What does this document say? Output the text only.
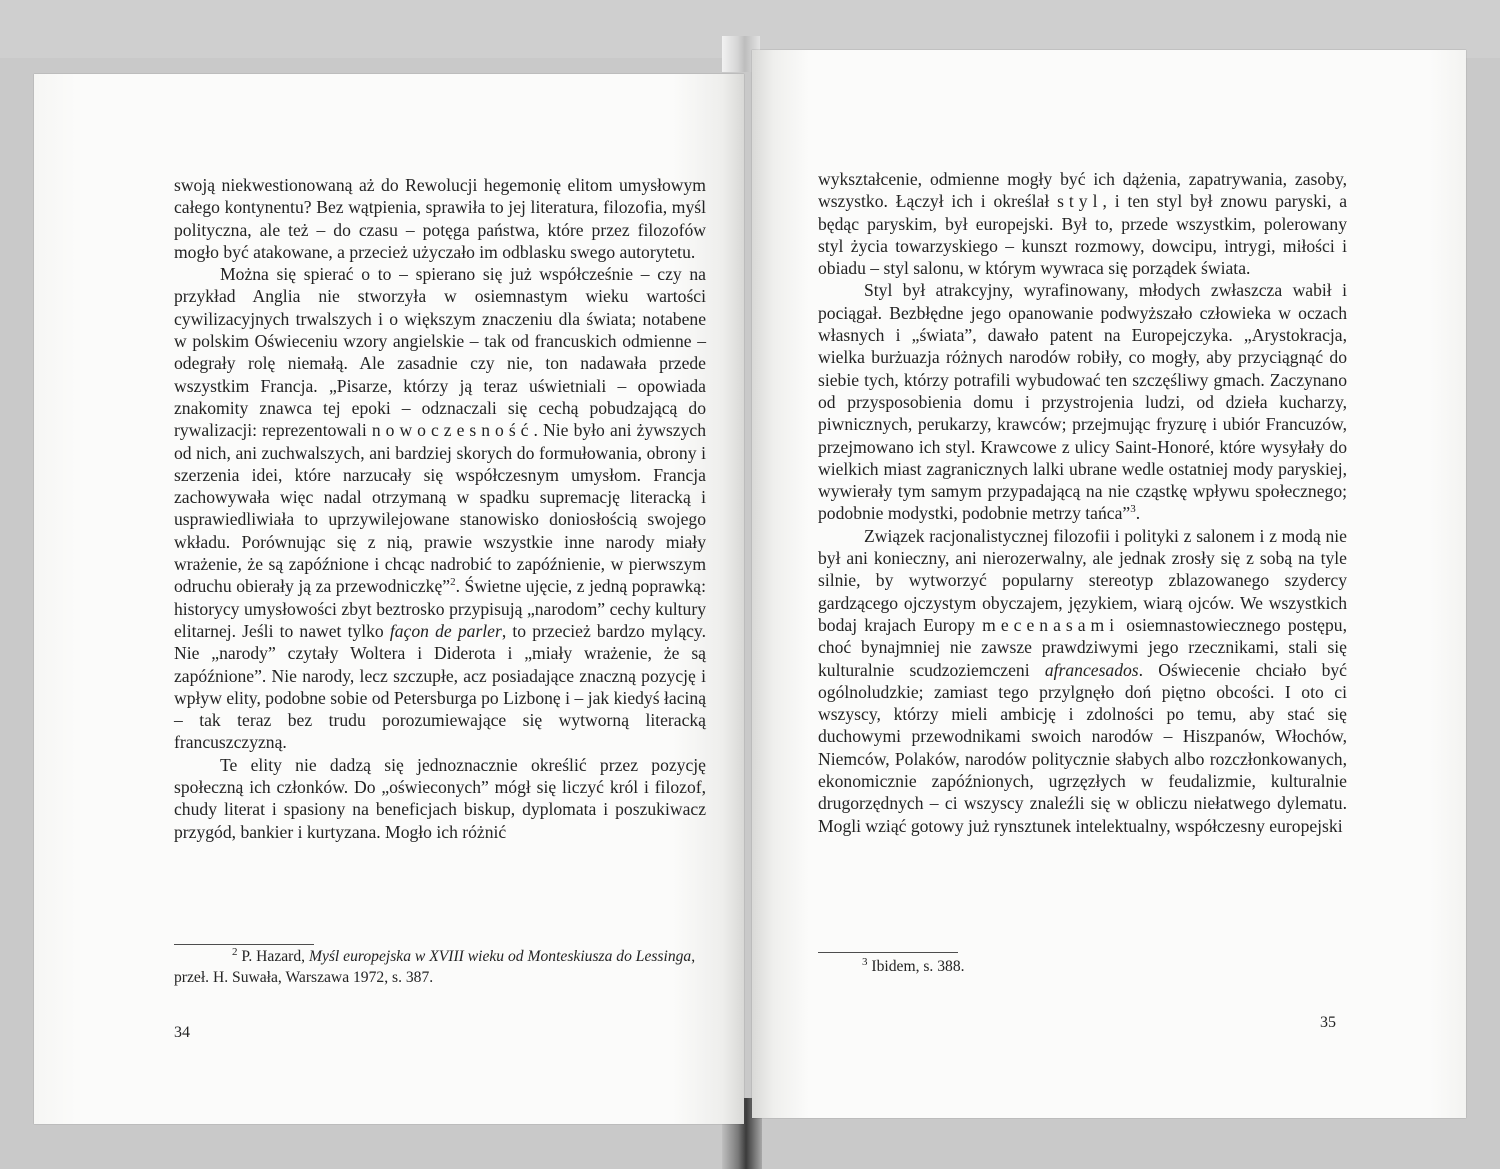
swoją niekwestionowaną aż do Rewolucji hegemonię elitom umysłowym całego kontynentu? Bez wątpienia, sprawiła to jej literatura, filozofia, myśl polityczna, ale też – do czasu – potęga państwa, które przez filozofów mogło być atakowane, a przecież użyczało im odblasku swego autorytetu.

Można się spierać o to – spierano się już współcześnie – czy na przykład Anglia nie stworzyła w osiemnastym wieku wartości cywilizacyjnych trwalszych i o większym znaczeniu dla świata; notabene w polskim Oświeceniu wzory angielskie – tak od francuskich odmienne – odegrały rolę niemałą. Ale zasadnie czy nie, ton nadawała przede wszystkim Francja. „Pisarze, którzy ją teraz uświetniali – opowiada znakomity znawca tej epoki – odznaczali się cechą pobudzającą do rywalizacji: reprezentowali nowoczesność. Nie było ani żywszych od nich, ani zuchwalszych, ani bardziej skorych do formułowania, obrony i szerzenia idei, które narzucały się współczesnym umysłom. Francja zachowywała więc nadal otrzymaną w spadku supremację literacką i usprawiedliwiała to uprzywilejowane stanowisko doniosłością swojego wkładu. Porównując się z nią, prawie wszystkie inne narody miały wrażenie, że są zapóźnione i chcąc nadrobić to zapóźnienie, w pierwszym odruchu obierały ją za przewodniczkę”$^2$. Świetne ujęcie, z jedną poprawką: historycy umysłowości zbyt beztrosko przypisują „narodom” cechy kultury elitarnej. Jeśli to nawet tylko façon de parler, to przecież bardzo mylący. Nie „narody” czytały Woltera i Diderota i „miały wrażenie, że są zapóźnione”. Nie narody, lecz szczupłe, acz posiadające znaczną pozycję i wpływ elity, podobne sobie od Petersburga po Lizbonę i – jak kiedyś łaciną – tak teraz bez trudu porozumiewające się wytworną literacką francuszczyzną.

Te elity nie dadzą się jednoznacznie określić przez pozycję społeczną ich członków. Do „oświeconych” mógł się liczyć król i filozof, chudy literat i spasiony na beneficjach biskup, dyplomata i poszukiwacz przygód, bankier i kurtyzana. Mogło ich różnić

$^2$ P. Hazard, Myśl europejska w XVIII wieku od Monteskiusza do Lessinga, przeł. H. Suwała, Warszawa 1972, s. 387.

34

wykształcenie, odmienne mogły być ich dążenia, zapatrywania, zasoby, wszystko. Łączył ich i określał styl, i ten styl był znowu paryski, a będąc paryskim, był europejski. Był to, przede wszystkim, polerowany styl życia towarzyskiego – kunszt rozmowy, dowcipu, intrygi, miłości i obiadu – styl salonu, w którym wywraca się porządek świata.

Styl był atrakcyjny, wyrafinowany, młodych zwłaszcza wabił i pociągał. Bezbłędne jego opanowanie podwyższało człowieka w oczach własnych i „świata”, dawało patent na Europejczyka. „Arystokracja, wielka burżuazja różnych narodów robiły, co mogły, aby przyciągnąć do siebie tych, którzy potrafili wybudować ten szczęśliwy gmach. Zaczynano od przysposobienia domu i przystrojenia ludzi, od dzieła kucharzy, piwnicznych, perukarzy, krawców; przejmując fryzurę i ubiór Francuzów, przejmowano ich styl. Krawcowe z ulicy Saint-Honoré, które wysyłały do wielkich miast zagranicznych lalki ubrane wedle ostatniej mody paryskiej, wywierały tym samym przypadającą na nie cząstkę wpływu społecznego; podobnie modystki, podobnie metrzy tańca”$^3$.

Związek racjonalistycznej filozofii i polityki z salonem i z modą nie był ani konieczny, ani nierozerwalny, ale jednak zrosły się z sobą na tyle silnie, by wytworzyć popularny stereotyp zblazowanego szydercy gardzącego ojczystym obyczajem, językiem, wiarą ojców. We wszystkich bodaj krajach Europy mecenasami osiemnastowiecznego postępu, choć bynajmniej nie zawsze prawdziwymi jego rzecznikami, stali się kulturalnie scudzoziemczeni afrancesados. Oświecenie chciało być ogólnoludzkie; zamiast tego przylgnęło doń piętno obcości. I oto ci wszyscy, którzy mieli ambicję i zdolności po temu, aby stać się duchowymi przewodnikami swoich narodów – Hiszpanów, Włochów, Niemców, Polaków, narodów politycznie słabych albo rozczłonkowanych, ekonomicznie zapóźnionych, ugrzęzłych w feudalizmie, kulturalnie drugorzędnych – ci wszyscy znaleźli się w obliczu niełatwego dylematu. Mogli wziąć gotowy już rynsztunek intelektualny, współczesny europejski

$^3$ Ibidem, s. 388.

35
